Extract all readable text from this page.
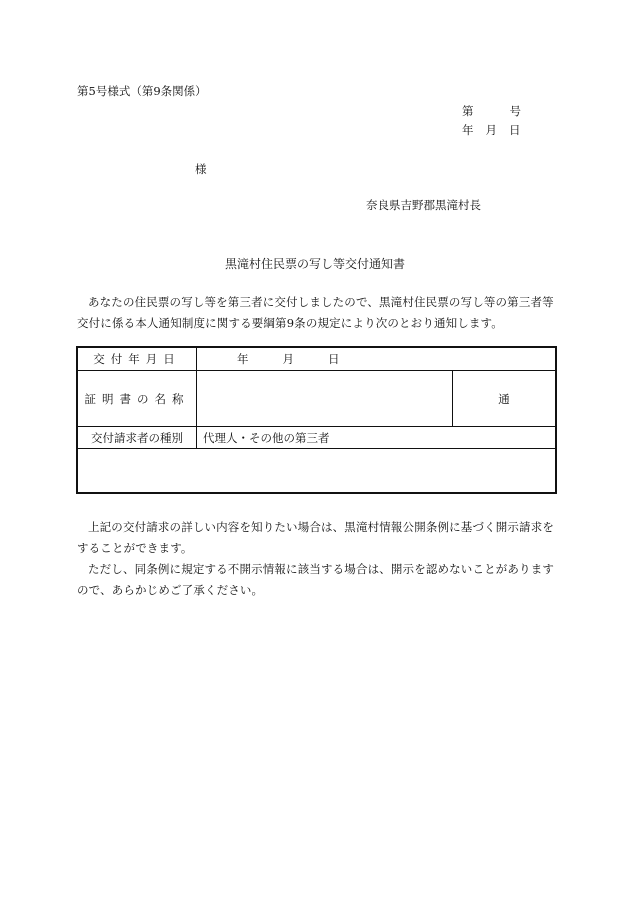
第5号様式（第9条関係）
第	号
年 月 日
様
奈良県吉野郡黒滝村長
黒滝村住民票の写し等交付通知書
あなたの住民票の写し等を第三者に交付しましたので、黒滝村住民票の写し等の第三者等交付に係る本人通知制度に関する要綱第9条の規定により次のとおり通知します。
交付年月日	年 月 日	
証明書の名称		通
交付請求者の種別	代理人・その他の第三者	

上記の交付請求の詳しい内容を知りたい場合は、黒滝村情報公開条例に基づく開示請求をすることができます。

ただし、同条例に規定する不開示情報に該当する場合は、開示を認めないことがありますので、あらかじめご了承ください。
